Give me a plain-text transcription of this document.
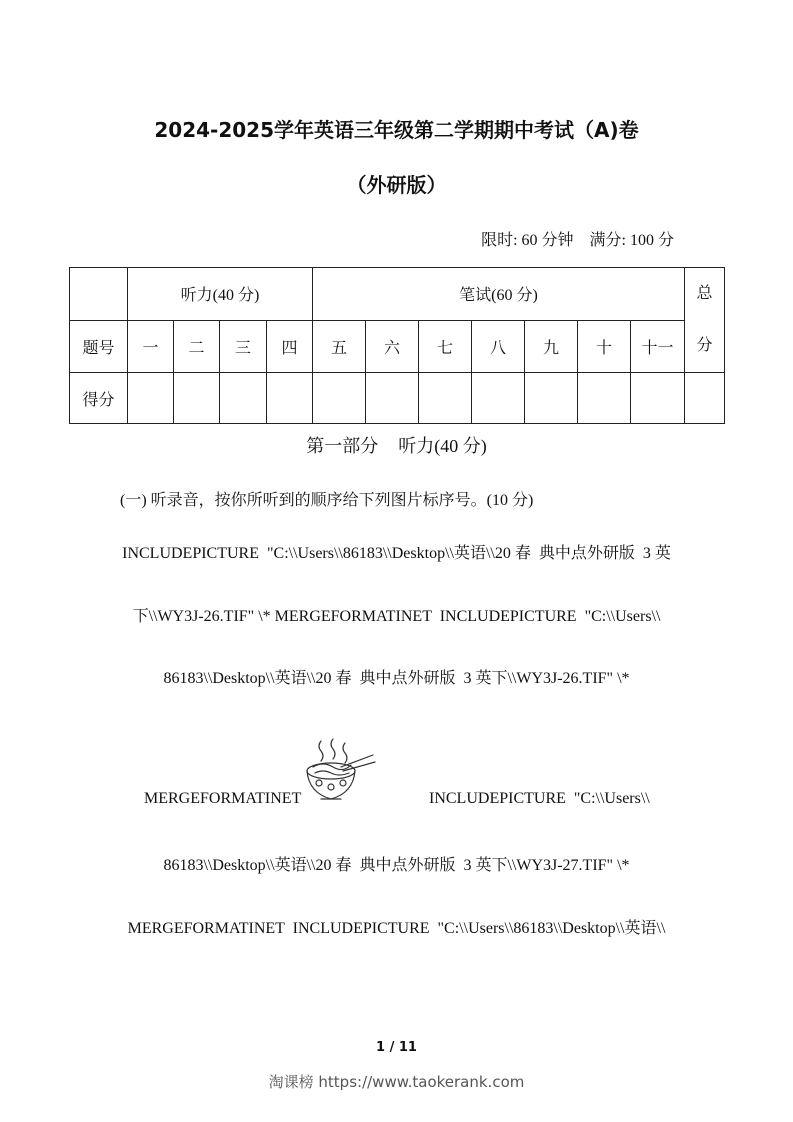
2024-2025学年英语三年级第二学期期中考试（A)卷
（外研版）
限时: 60 分钟 满分: 100 分
	听力(40 分)				笔试(60 分)							总
分

题号	一	二	三	四	五	六	七	八	九	十	十一	
得分												
第一部分 听力(40 分)
(一) 听录音，按你所听到的顺序给下列图片标序号。(10 分)
INCLUDEPICTURE  "C:\\Users\\86183\\Desktop\\英语\\20 春  典中点外研版  3 英
下\\WY3J-26.TIF" \* MERGEFORMATINET  INCLUDEPICTURE  "C:\\Users\\
86183\\Desktop\\英语\\20 春  典中点外研版  3 英下\\WY3J-26.TIF" \*
MERGEFORMATINET	INCLUDEPICTURE  "C:\\Users\\
86183\\Desktop\\英语\\20 春  典中点外研版  3 英下\\WY3J-27.TIF" \*
MERGEFORMATINET  INCLUDEPICTURE  "C:\\Users\\86183\\Desktop\\英语\\
1 / 11
淘课榜 https://www.taokerank.com
